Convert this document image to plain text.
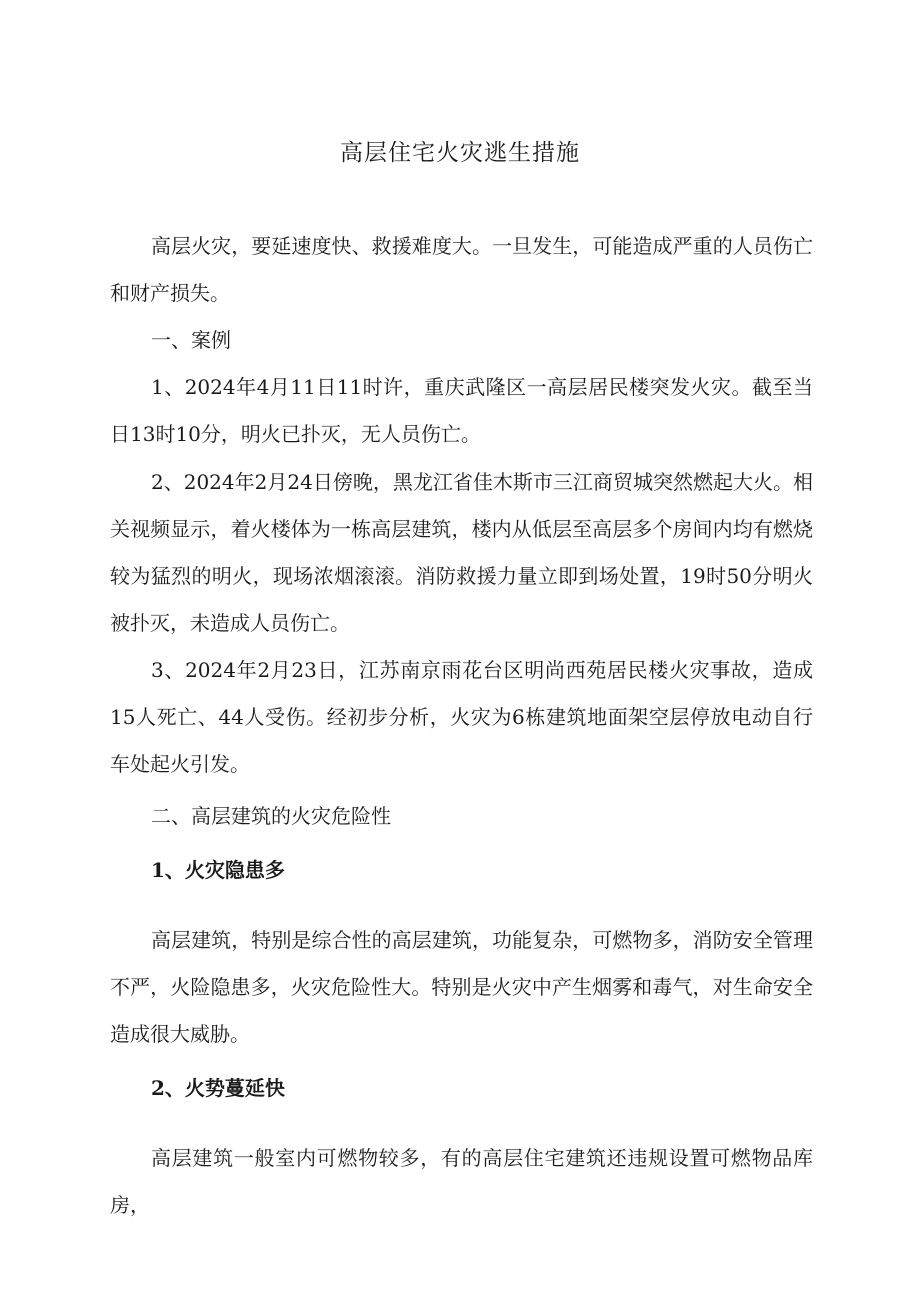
高层住宅火灾逃生措施

高层火灾，要延速度快、救援难度大。一旦发生，可能造成严重的人员伤亡和财产损失。

一、案例

1、2024年4月11日11时许，重庆武隆区一高层居民楼突发火灾。截至当日13时10分，明火已扑灭，无人员伤亡。

2、2024年2月24日傍晚，黑龙江省佳木斯市三江商贸城突然燃起大火。相关视频显示，着火楼体为一栋高层建筑，楼内从低层至高层多个房间内均有燃烧较为猛烈的明火，现场浓烟滚滚。消防救援力量立即到场处置，19时50分明火被扑灭，未造成人员伤亡。

3、2024年2月23日，江苏南京雨花台区明尚西苑居民楼火灾事故，造成15人死亡、44人受伤。经初步分析，火灾为6栋建筑地面架空层停放电动自行车处起火引发。

二、高层建筑的火灾危险性

1、火灾隐患多

高层建筑，特别是综合性的高层建筑，功能复杂，可燃物多，消防安全管理不严，火险隐患多，火灾危险性大。特别是火灾中产生烟雾和毒气，对生命安全造成很大威胁。

2、火势蔓延快

高层建筑一般室内可燃物较多，有的高层住宅建筑还违规设置可燃物品库房，
